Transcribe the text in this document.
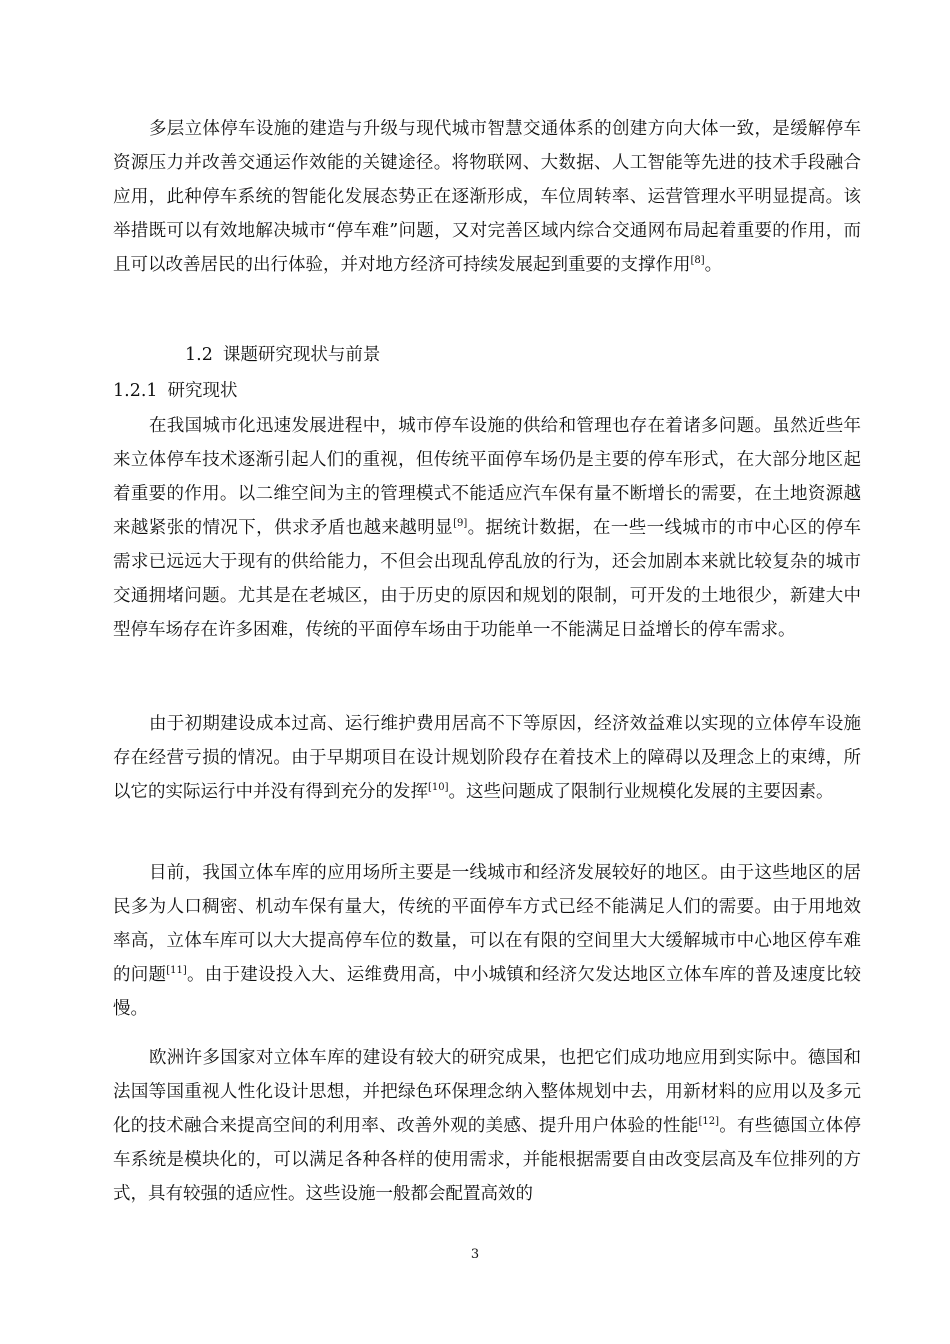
多层立体停车设施的建造与升级与现代城市智慧交通体系的创建方向大体一致，是缓解停车资源压力并改善交通运作效能的关键途径。将物联网、大数据、人工智能等先进的技术手段融合应用，此种停车系统的智能化发展态势正在逐渐形成，车位周转率、运营管理水平明显提高。该举措既可以有效地解决城市“停车难”问题，又对完善区域内综合交通网布局起着重要的作用，而且可以改善居民的出行体验，并对地方经济可持续发展起到重要的支撑作用[8]。

1.2 课题研究现状与前景
1.2.1 研究现状

在我国城市化迅速发展进程中，城市停车设施的供给和管理也存在着诸多问题。虽然近些年来立体停车技术逐渐引起人们的重视，但传统平面停车场仍是主要的停车形式，在大部分地区起着重要的作用。以二维空间为主的管理模式不能适应汽车保有量不断增长的需要，在土地资源越来越紧张的情况下，供求矛盾也越来越明显[9]。据统计数据，在一些一线城市的市中心区的停车需求已远远大于现有的供给能力，不但会出现乱停乱放的行为，还会加剧本来就比较复杂的城市交通拥堵问题。尤其是在老城区，由于历史的原因和规划的限制，可开发的土地很少，新建大中型停车场存在许多困难，传统的平面停车场由于功能单一不能满足日益增长的停车需求。

由于初期建设成本过高、运行维护费用居高不下等原因，经济效益难以实现的立体停车设施存在经营亏损的情况。由于早期项目在设计规划阶段存在着技术上的障碍以及理念上的束缚，所以它的实际运行中并没有得到充分的发挥[10]。这些问题成了限制行业规模化发展的主要因素。

目前，我国立体车库的应用场所主要是一线城市和经济发展较好的地区。由于这些地区的居民多为人口稠密、机动车保有量大，传统的平面停车方式已经不能满足人们的需要。由于用地效率高，立体车库可以大大提高停车位的数量，可以在有限的空间里大大缓解城市中心地区停车难的问题[11]。由于建设投入大、运维费用高，中小城镇和经济欠发达地区立体车库的普及速度比较慢。

欧洲许多国家对立体车库的建设有较大的研究成果，也把它们成功地应用到实际中。德国和法国等国重视人性化设计思想，并把绿色环保理念纳入整体规划中去，用新材料的应用以及多元化的技术融合来提高空间的利用率、改善外观的美感、提升用户体验的性能[12]。有些德国立体停车系统是模块化的，可以满足各种各样的使用需求，并能根据需要自由改变层高及车位排列的方式，具有较强的适应性。这些设施一般都会配置高效的

3
